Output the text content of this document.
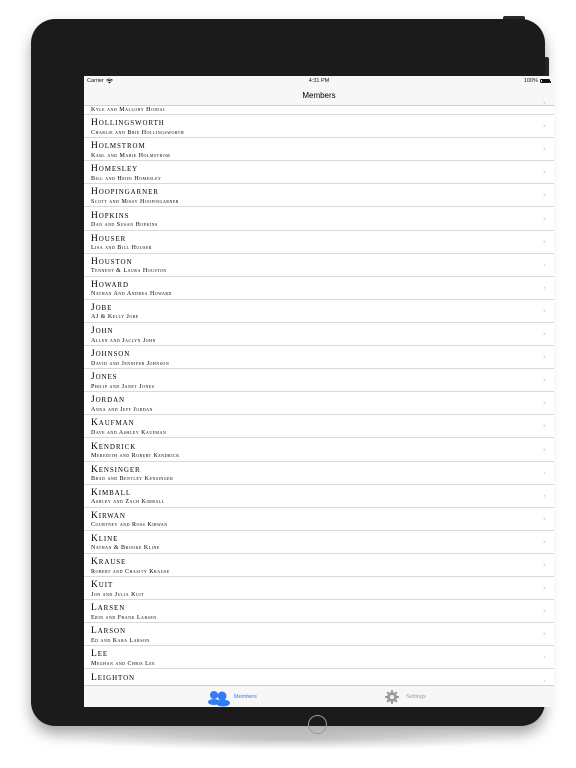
Carrier	4:31 PM	100%
Members
Kyle and Mallory Hoidal
›
Hollingsworth
Charlie and Brie Hollingsworth
›
Holmstrom
Karl and Marie Holmstrom
›
Homesley
Bill and Heidi Homesley
›
Hoopingarner
Scott and Missy Hoopingarner
›
Hopkins
Dan and Susan Hopkins
›
Houser
Lisa and Bill Houser
›
Houston
Tennent & Laura Houston
›
Howard
Nathan And Andrea Howard
›
Jobe
AJ & Kelly Jobe
›
John
Allen and Jaclyn John
›
Johnson
David and Jennifer Johnson
›
Jones
Philip and Janet Jones
›
Jordan
Anna and Jeff Jordan
›
Kaufman
Dave and Ashley Kaufman
›
Kendrick
Meredith and Robert Kendrick
›
Kensinger
Brad and Bentley Kensinger
›
Kimball
Ashley and Zach Kimball
›
Kirwan
Courtney and Ross Kirwan
›
Kline
Nathan & Brooke Kline
›
Krause
Robert and Chasity Krause
›
Kuit
Jon and Julia Kuit
›
Larsen
Erin and Frank Larsen
›
Larson
Ed and Kara Larson
›
Lee
Meghan and Chris Lee
›
Leighton	›
Members	Settings
